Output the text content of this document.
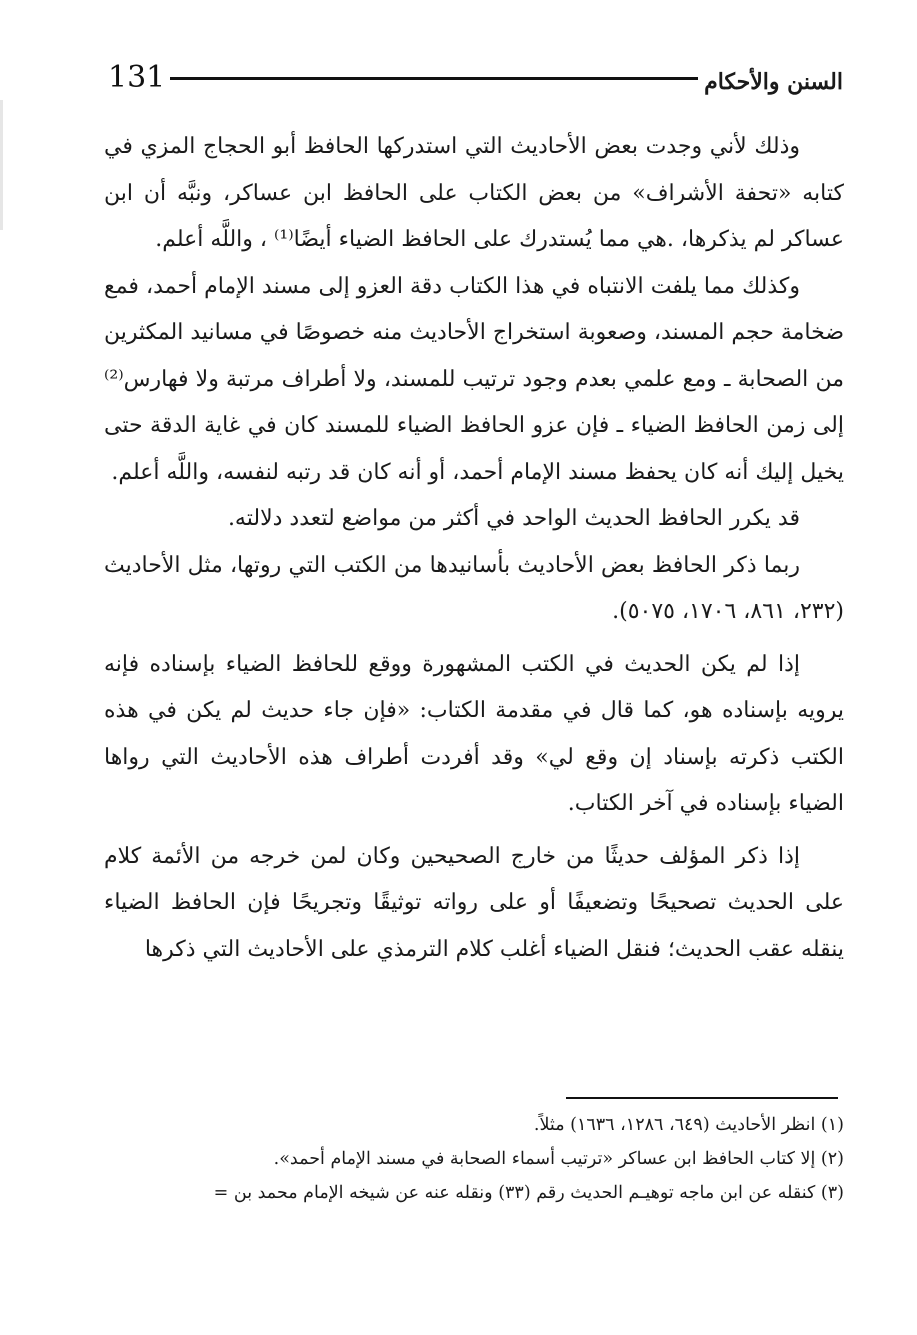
131	السنن والأحكام

وذلك لأني وجدت بعض الأحاديث التي استدركها الحافظ أبو الحجاج المزي في كتابه «تحفة الأشراف» من بعض الكتاب على الحافظ ابن عساكر، ونبَّه أن ابن عساكر لم يذكرها، .هي مما يُستدرك على الحافظ الضياء أيضًا⁽¹⁾ ، واللَّه أعلم.

وكذلك مما يلفت الانتباه في هذا الكتاب دقة العزو إلى مسند الإمام أحمد، فمع ضخامة حجم المسند، وصعوبة استخراج الأحاديث منه خصوصًا في مسانيد المكثرين من الصحابة ـ ومع علمي بعدم وجود ترتيب للمسند، ولا أطراف مرتبة ولا فهارس⁽²⁾ إلى زمن الحافظ الضياء ـ فإن عزو الحافظ الضياء للمسند كان في غاية الدقة حتى يخيل إليك أنه كان يحفظ مسند الإمام أحمد، أو أنه كان قد رتبه لنفسه، واللَّه أعلم.

قد يكرر الحافظ الحديث الواحد في أكثر من مواضع لتعدد دلالته.

ربما ذكر الحافظ بعض الأحاديث بأسانيدها من الكتب التي روتها، مثل الأحاديث (٢٣٢، ٨٦١، ١٧٠٦، ٥٠٧٥).

إذا لم يكن الحديث في الكتب المشهورة ووقع للحافظ الضياء بإسناده فإنه يرويه بإسناده هو، كما قال في مقدمة الكتاب: «فإن جاء حديث لم يكن في هذه الكتب ذكرته بإسناد إن وقع لي» وقد أفردت أطراف هذه الأحاديث التي رواها الضياء بإسناده في آخر الكتاب.

إذا ذكر المؤلف حديثًا من خارج الصحيحين وكان لمن خرجه من الأئمة كلام على الحديث تصحيحًا وتضعيفًا أو على رواته توثيقًا وتجريحًا فإن الحافظ الضياء ينقله عقب الحديث؛ فنقل الضياء أغلب كلام الترمذي على الأحاديث التي ذكرها

(١) انظر الأحاديث (٦٤٩، ١٢٨٦، ١٦٣٦) مثلاً.

(٢) إلا كتاب الحافظ ابن عساكر «ترتيب أسماء الصحابة في مسند الإمام أحمد».

(٣) كنقله عن ابن ماجه توهيـم الحديث رقم (٣٣) ونقله عنه عن شيخه الإمام محمد بن =
